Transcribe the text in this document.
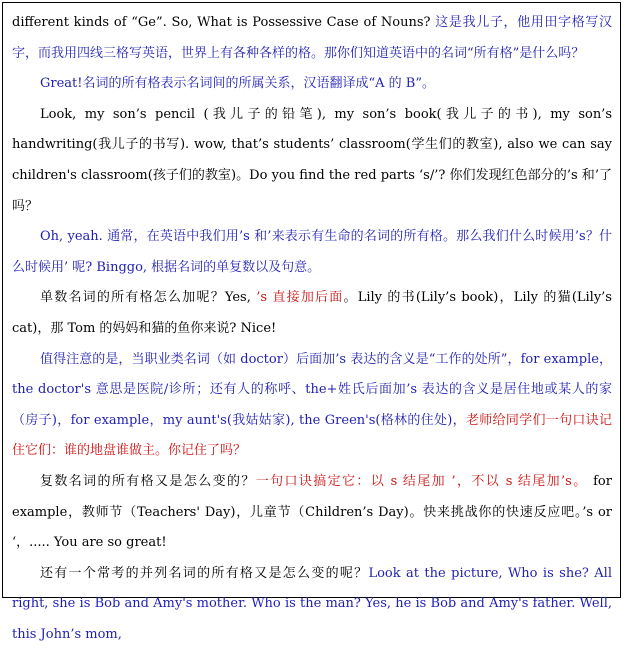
different kinds of “Ge”. So, What is Possessive Case of Nouns? 这是我儿子，他用田字格写汉字，而我用四线三格写英语，世界上有各种各样的格。那你们知道英语中的名词“所有格”是什么吗？

Great!名词的所有格表示名词间的所属关系，汉语翻译成“A 的 B”。

Look, my son’s pencil (我儿子的铅笔), my son’s book(我儿子的书), my son’s handwriting(我儿子的书写). wow, that’s students’ classroom(学生们的教室), also we can say children's classroom(孩子们的教室)。Do you find the red parts ‘s/’? 你们发现红色部分的’s 和’了吗？

Oh, yeah. 通常，在英语中我们用’s 和’来表示有生命的名词的所有格。那么我们什么时候用’s？什么时候用’ 呢? Binggo, 根据名词的单复数以及句意。

单数名词的所有格怎么加呢？Yes, ’s 直接加后面。Lily 的书(Lily’s book)，Lily 的猫(Lily’s cat)，那 Tom 的妈妈和猫的鱼你来说? Nice!

值得注意的是，当职业类名词（如 doctor）后面加’s 表达的含义是“工作的处所”，for example，the doctor's 意思是医院/诊所；还有人的称呼、the+姓氏后面加’s 表达的含义是居住地或某人的家（房子)，for example，my aunt's(我姑姑家), the Green's(格林的住处)，老师给同学们一句口诀记住它们：谁的地盘谁做主。你记住了吗？

复数名词的所有格又是怎么变的？一句口诀搞定它：以 s 结尾加 ’，不以 s 结尾加’s。 for example，教师节（Teachers' Day)，儿童节（Children’s Day)。快来挑战你的快速反应吧。’s or ‘，..... You are so great!

还有一个常考的并列名词的所有格又是怎么变的呢？Look at the picture, Who is she? All right, she is Bob and Amy's mother. Who is the man? Yes, he is Bob and Amy's father. Well, this John’s mom,
